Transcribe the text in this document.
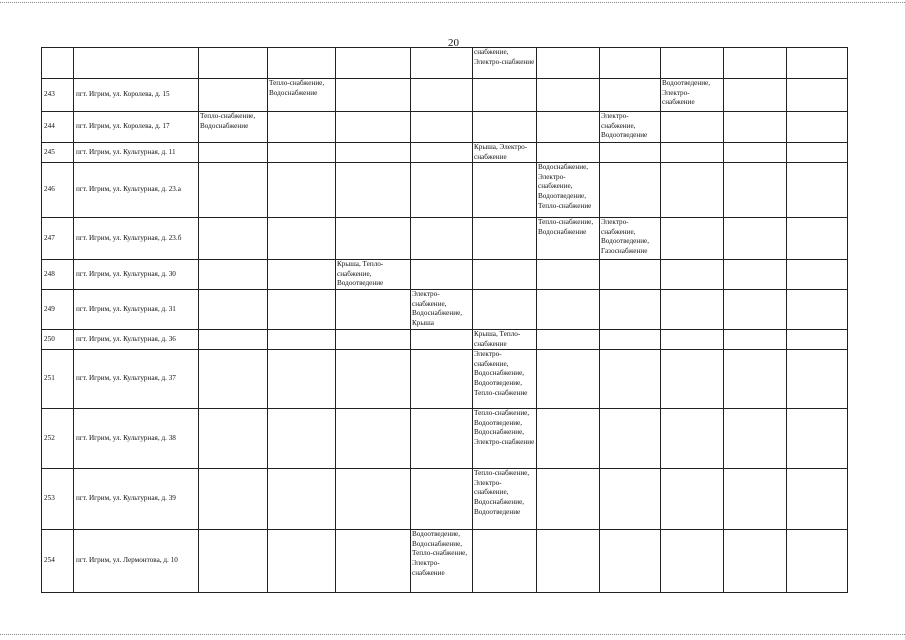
20
						снабжение, Электро-снабжение					
243	пгт. Игрим, ул. Королева, д. 15		Тепло-снабжение, Водоснабжение						Водоотведение, Электро-снабжение		
244	пгт. Игрим, ул. Королева, д. 17	Тепло-снабжение, Водоснабжение						Электро-снабжение, Водоотведение			
245	пгт. Игрим, ул. Культурная, д. 11					Крыша, Электро-снабжение					
246	пгт. Игрим, ул. Культурная, д. 23.а						Водоснабжение, Электро-снабжение, Водоотведение, Тепло-снабжение				
247	пгт. Игрим, ул. Культурная, д. 23.б						Тепло-снабжение, Водоснабжение	Электро-снабжение, Водоотведение, Газоснабжение			
248	пгт. Игрим, ул. Культурная, д. 30			Крыша, Тепло-снабжение, Водоотведение							
249	пгт. Игрим, ул. Культурная, д. 31				Электро-снабжение, Водоснабжение, Крыша						
250	пгт. Игрим, ул. Культурная, д. 36					Крыша, Тепло-снабжение					
251	пгт. Игрим, ул. Культурная, д. 37					Электро-снабжение, Водоснабжение, Водоотведение, Тепло-снабжение					
252	пгт. Игрим, ул. Культурная, д. 38					Тепло-снабжение, Водоотведение, Водоснабжение, Электро-снабжение					
253	пгт. Игрим, ул. Культурная, д. 39					Тепло-снабжение, Электро-снабжение, Водоснабжение, Водоотведение					
254	пгт. Игрим, ул. Лермонтова, д. 10				Водоотведение, Водоснабжение, Тепло-снабжение, Электро-снабжение						
